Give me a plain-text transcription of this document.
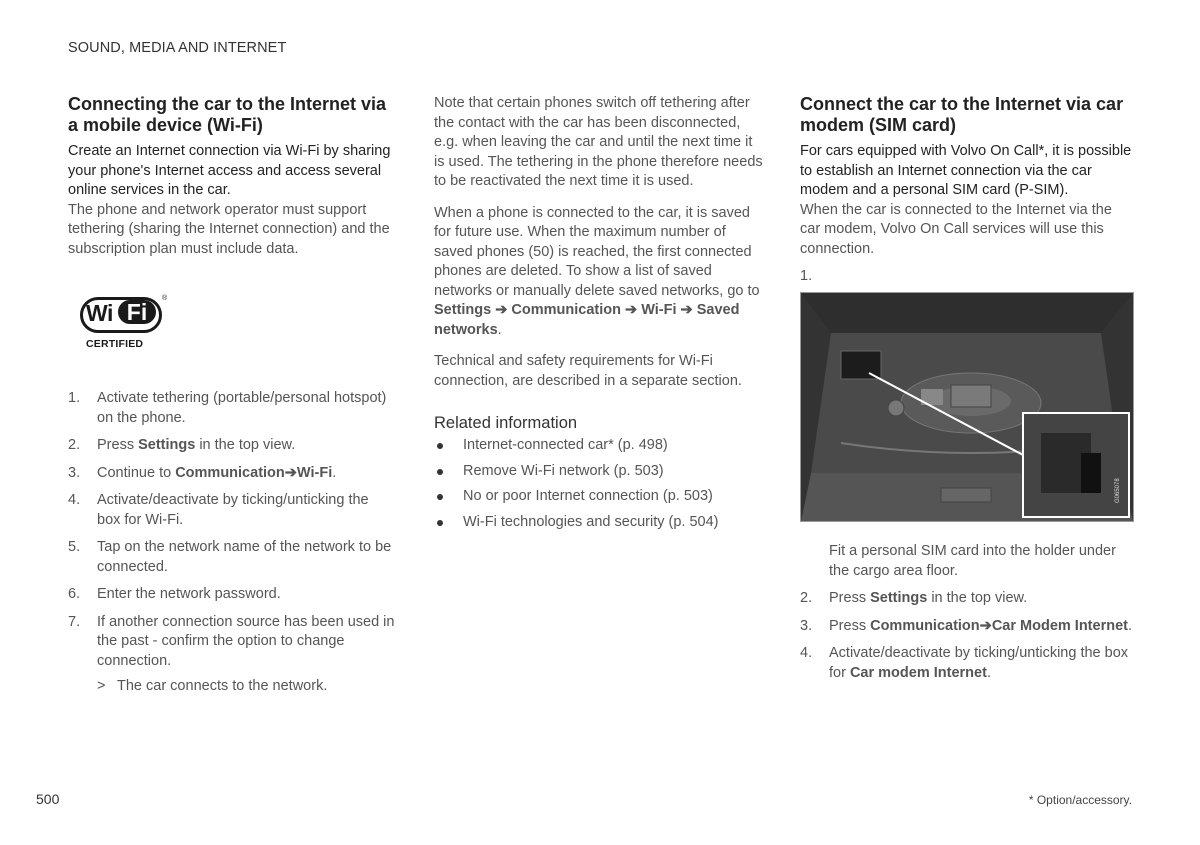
SOUND, MEDIA AND INTERNET
Connecting the car to the Internet via a mobile device (Wi-Fi)

Create an Internet connection via Wi-Fi by sharing your phone's Internet access and access several online services in the car.

The phone and network operator must support tethering (sharing the Internet connection) and the subscription plan must include data.

Wi Fi
®
CERTIFIED
1. Activate tethering (portable/personal hotspot) on the phone.
2. Press Settings in the top view.
3. Continue to Communication➔Wi-Fi.
4. Activate/deactivate by ticking/unticking the box for Wi-Fi.
5. Tap on the network name of the network to be connected.
6. Enter the network password.
7. If another connection source has been used in the past - confirm the option to change connection.
> The car connects to the network.

Note that certain phones switch off tethering after the contact with the car has been disconnected, e.g. when leaving the car and until the next time it is used. The tethering in the phone therefore needs to be reactivated the next time it is used.

When a phone is connected to the car, it is saved for future use. When the maximum number of saved phones (50) is reached, the first connected phones are deleted. To show a list of saved networks or manually delete saved networks, go to Settings ➔ Communication ➔ Wi-Fi ➔ Saved networks.

Technical and safety requirements for Wi-Fi connection, are described in a separate section.

Related information
Internet-connected car* (p. 498)
Remove Wi-Fi network (p. 503)
No or poor Internet connection (p. 503)
Wi-Fi technologies and security (p. 504)
Connect the car to the Internet via car modem (SIM card)

For cars equipped with Volvo On Call*, it is possible to establish an Internet connection via the car modem and a personal SIM card (P-SIM).

When the car is connected to the Internet via the car modem, Volvo On Call services will use this connection.

1.
G065078

Fit a personal SIM card into the holder under the cargo area floor.

2. Press Settings in the top view.
3. Press Communication➔Car Modem Internet.
4. Activate/deactivate by ticking/unticking the box for Car modem Internet.
500	* Option/accessory.
